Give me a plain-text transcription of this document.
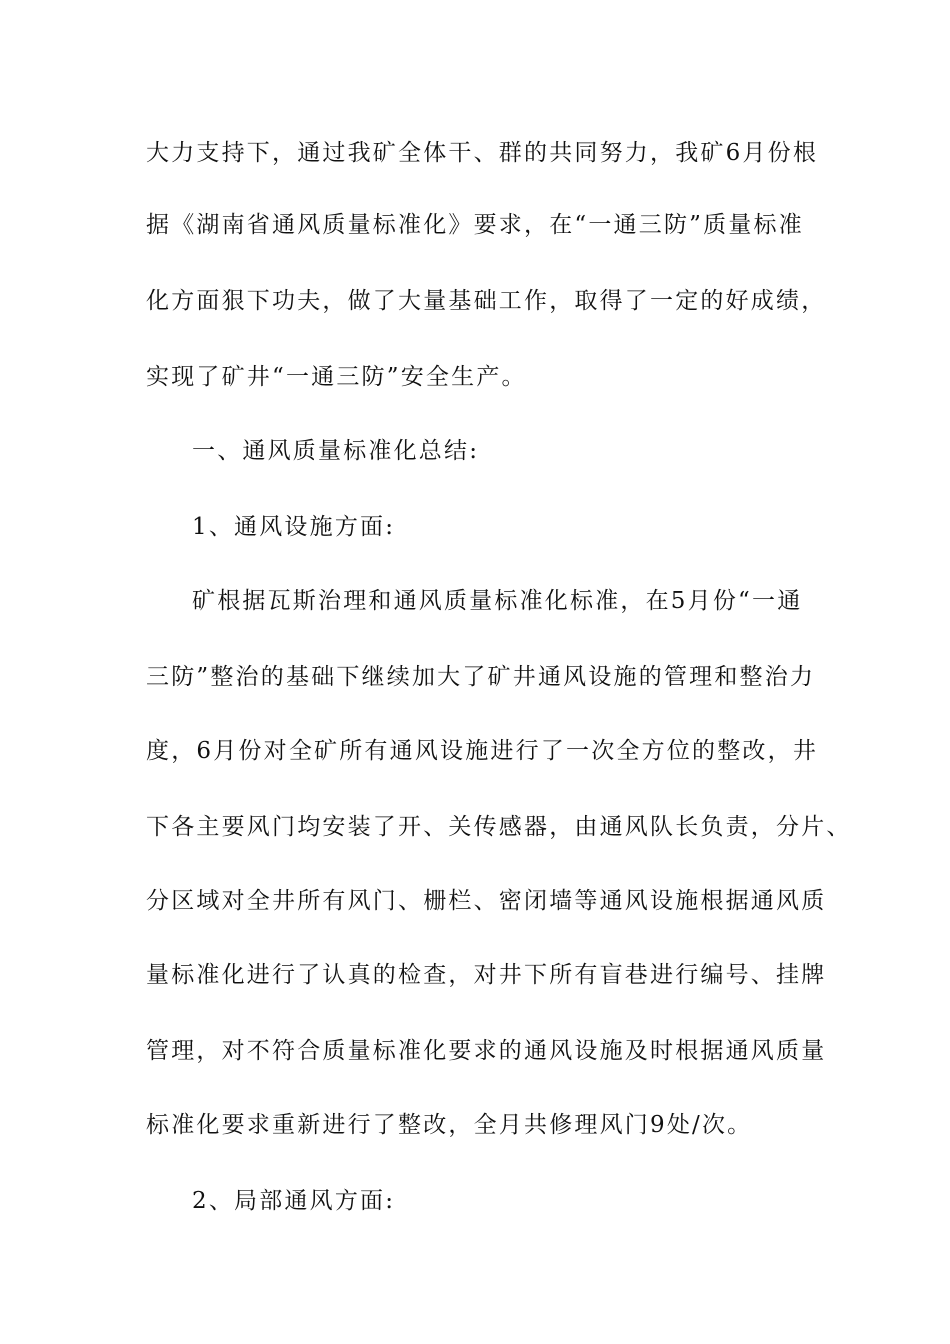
大力支持下，通过我矿全体干、群的共同努力，我矿6月份根
据《湖南省通风质量标准化》要求，在“一通三防”质量标准
化方面狠下功夫，做了大量基础工作，取得了一定的好成绩，
实现了矿井“一通三防”安全生产。
一、通风质量标准化总结:
1、通风设施方面:
矿根据瓦斯治理和通风质量标准化标准，在5月份“一通
三防”整治的基础下继续加大了矿井通风设施的管理和整治力
度，6月份对全矿所有通风设施进行了一次全方位的整改，井
下各主要风门均安装了开、关传感器，由通风队长负责，分片、
分区域对全井所有风门、栅栏、密闭墙等通风设施根据通风质
量标准化进行了认真的检查，对井下所有盲巷进行编号、挂牌
管理，对不符合质量标准化要求的通风设施及时根据通风质量
标准化要求重新进行了整改，全月共修理风门9处/次。
2、局部通风方面:
